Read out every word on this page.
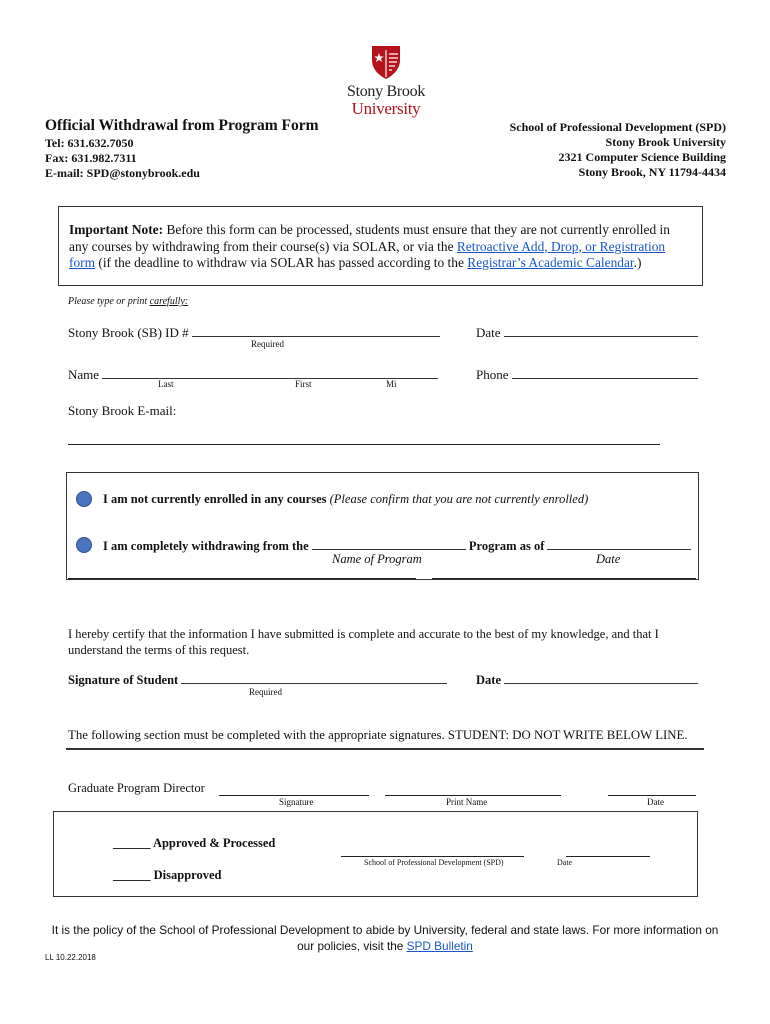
Stony Brook
University
Official Withdrawal from Program Form
Tel: 631.632.7050
Fax: 631.982.7311
E-mail: SPD@stonybrook.edu
School of Professional Development (SPD)
Stony Brook University
2321 Computer Science Building
Stony Brook, NY 11794-4434
Important Note: Before this form can be processed, students must ensure that they are not currently enrolled in any courses by withdrawing from their course(s) via SOLAR, or via the Retroactive Add, Drop, or Registration form (if the deadline to withdraw via SOLAR has passed according to the Registrar’s Academic Calendar.)
Please type or print carefully:
Stony Brook (SB) ID #
Required
Date
Name
Last	First	Mi
Phone
Stony Brook E-mail:
I am not currently enrolled in any courses (Please confirm that you are not currently enrolled)
I am completely withdrawing from the	Program as of
Name of Program	Date
I hereby certify that the information I have submitted is complete and accurate to the best of my knowledge, and that I understand the terms of this request.
Signature of Student
Required
Date
The following section must be completed with the appropriate signatures. STUDENT: DO NOT WRITE BELOW LINE.
Graduate Program Director
Signature	Print Name	Date
______ Approved & Processed
______ Disapproved
School of Professional Development (SPD)	Date
It is the policy of the School of Professional Development to abide by University, federal and state laws. For more information on
our policies, visit the SPD Bulletin
LL 10.22.2018
